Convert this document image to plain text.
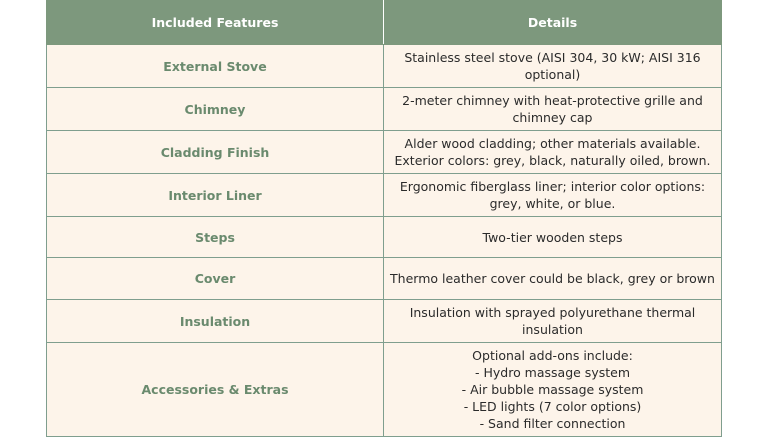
Included Features	Details
External Stove	Stainless steel stove (AISI 304, 30 kW; AISI 316
optional)

Chimney	2-meter chimney with heat-protective grille and
chimney cap

Cladding Finish	Alder wood cladding; other materials available.
Exterior colors: grey, black, naturally oiled, brown.

Interior Liner	Ergonomic fiberglass liner; interior color options:
grey, white, or blue.

Steps	Two-tier wooden steps

Cover	Thermo leather cover could be black, grey or brown

Insulation	Insulation with sprayed polyurethane thermal
insulation

Accessories & Extras	Optional add-ons include:
- Hydro massage system
- Air bubble massage system
- LED lights (7 color options)
- Sand filter connection
